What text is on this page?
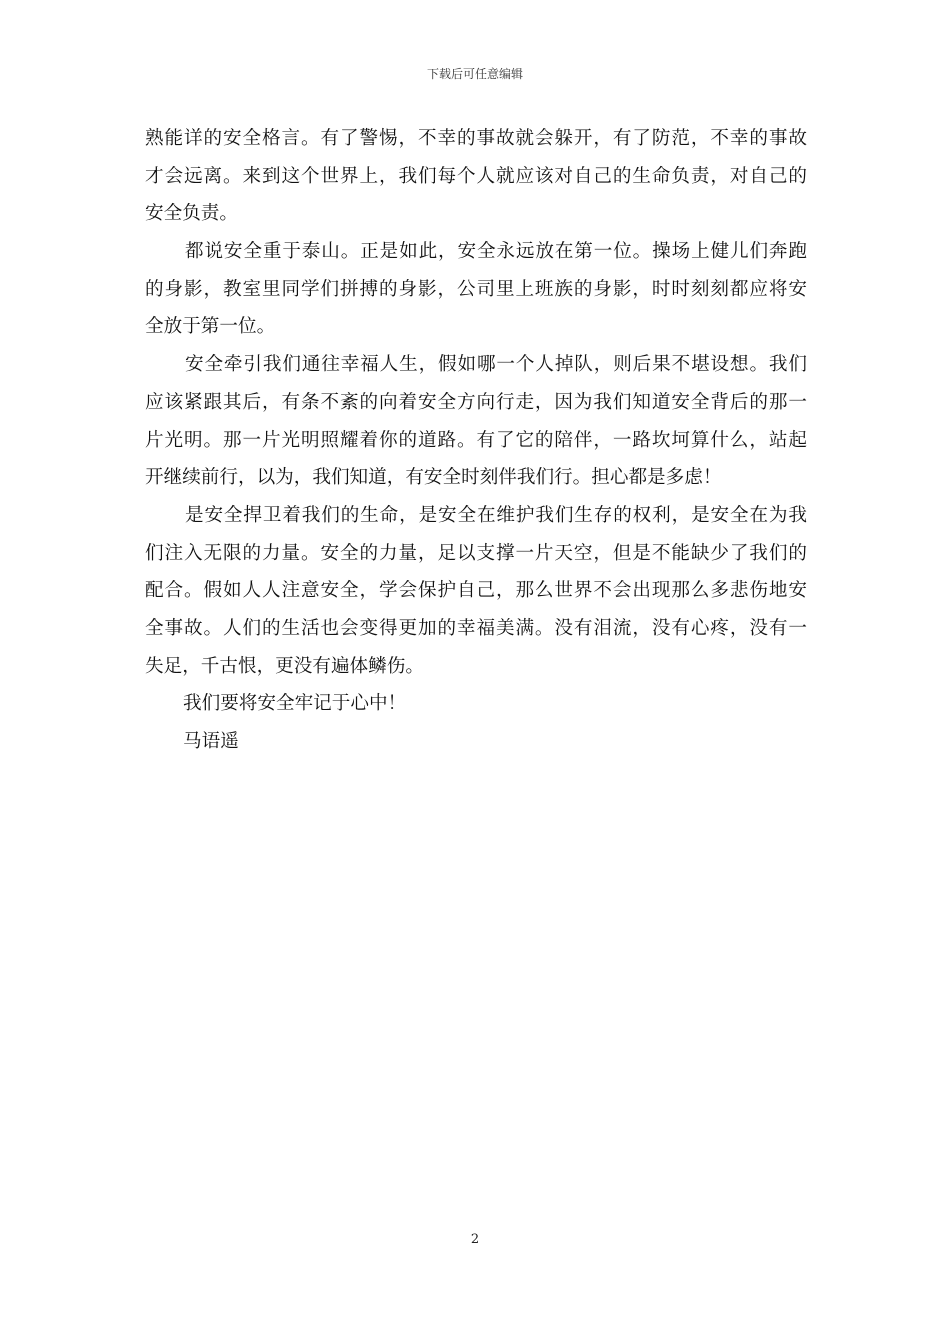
下载后可任意编辑
熟能详的安全格言。有了警惕，不幸的事故就会躲开，有了防范，不幸的事故
才会远离。来到这个世界上，我们每个人就应该对自己的生命负责，对自己的
安全负责。
都说安全重于泰山。正是如此，安全永远放在第一位。操场上健儿们奔跑
的身影，教室里同学们拼搏的身影，公司里上班族的身影，时时刻刻都应将安
全放于第一位。
安全牵引我们通往幸福人生，假如哪一个人掉队，则后果不堪设想。我们
应该紧跟其后，有条不紊的向着安全方向行走，因为我们知道安全背后的那一
片光明。那一片光明照耀着你的道路。有了它的陪伴，一路坎坷算什么，站起
开继续前行，以为，我们知道，有安全时刻伴我们行。担心都是多虑！
是安全捍卫着我们的生命，是安全在维护我们生存的权利，是安全在为我
们注入无限的力量。安全的力量，足以支撑一片天空，但是不能缺少了我们的
配合。假如人人注意安全，学会保护自己，那么世界不会出现那么多悲伤地安
全事故。人们的生活也会变得更加的幸福美满。没有泪流，没有心疼，没有一
失足，千古恨，更没有遍体鳞伤。
我们要将安全牢记于心中！
马语遥
2
